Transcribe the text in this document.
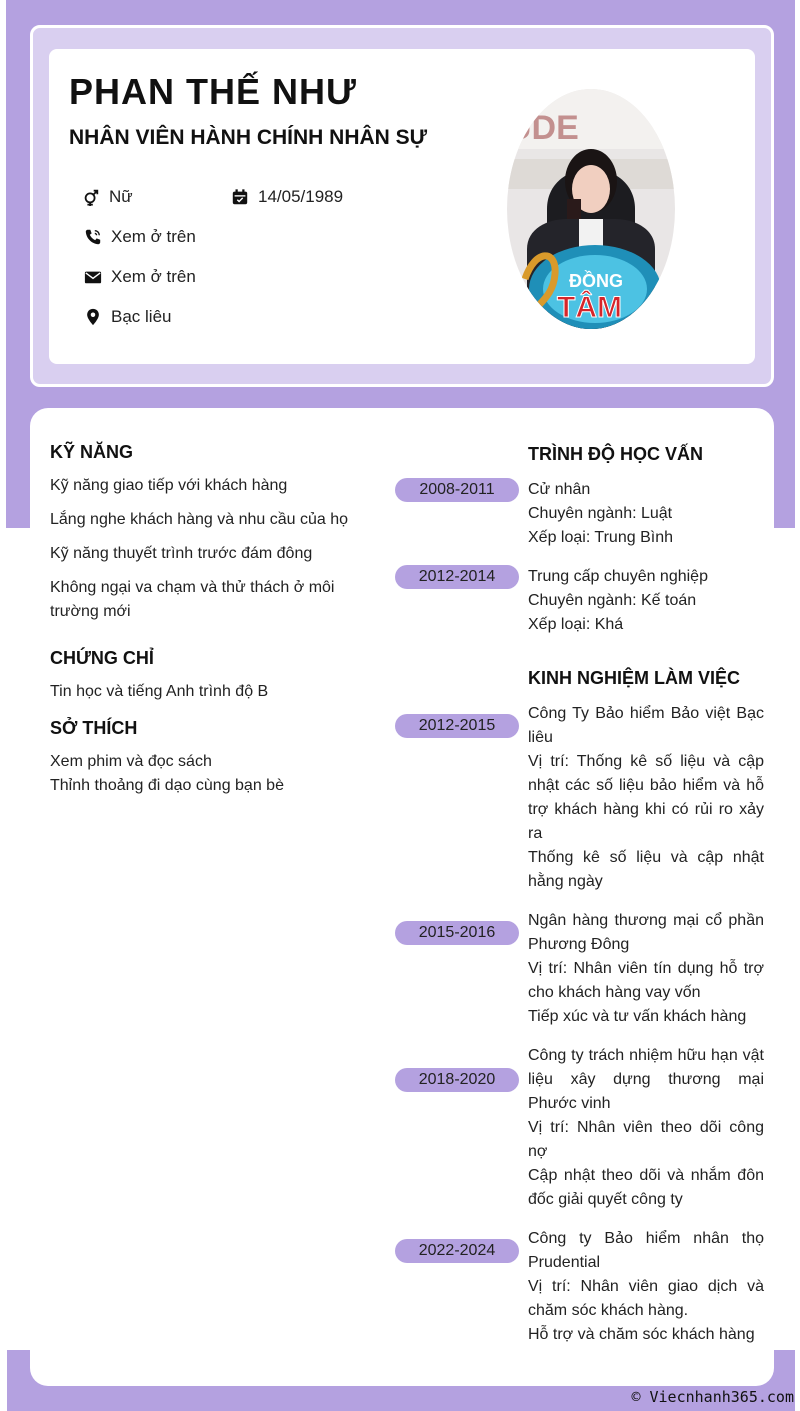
PHAN THẾ NHƯ
NHÂN VIÊN HÀNH CHÍNH NHÂN SỰ
Nữ	14/05/1989
Xem ở trên
Xem ở trên
Bạc liêu
UDE
ĐỒNG
TÂM
KỸ NĂNG
Kỹ năng giao tiếp với khách hàng
Lắng nghe khách hàng và nhu cầu của họ
Kỹ năng thuyết trình trước đám đông
Không ngại va chạm và thử thách ở môi trường mới
CHỨNG CHỈ
Tin học và tiếng Anh trình độ B
SỞ THÍCH
Xem phim và đọc sách
Thỉnh thoảng đi dạo cùng bạn bè
TRÌNH ĐỘ HỌC VẤN
2008-2011	Cử nhân
Chuyên ngành: Luật
Xếp loại: Trung Bình
2012-2014	Trung cấp chuyên nghiệp
Chuyên ngành: Kế toán
Xếp loại: Khá
KINH NGHIỆM LÀM VIỆC
2012-2015
Công Ty Bảo hiểm Bảo việt Bạc liêu
Vị trí: Thống kê số liệu và cập nhật các số liệu bảo hiểm và hỗ trợ khách hàng khi có rủi ro xảy ra
Thống kê số liệu và cập nhật hằng ngày
2015-2016
Ngân hàng thương mại cổ phần Phương Đông
Vị trí: Nhân viên tín dụng hỗ trợ cho khách hàng vay vốn
Tiếp xúc và tư vấn khách hàng
2018-2020
Công ty trách nhiệm hữu hạn vật liệu xây dựng thương mại Phước vinh
Vị trí: Nhân viên theo dõi công nợ
Cập nhật theo dõi và nhắm đôn đốc giải quyết công ty
2022-2024
Công ty Bảo hiểm nhân thọ Prudential
Vị trí: Nhân viên giao dịch và chăm sóc khách hàng.
Hỗ trợ và chăm sóc khách hàng
© Viecnhanh365.com
